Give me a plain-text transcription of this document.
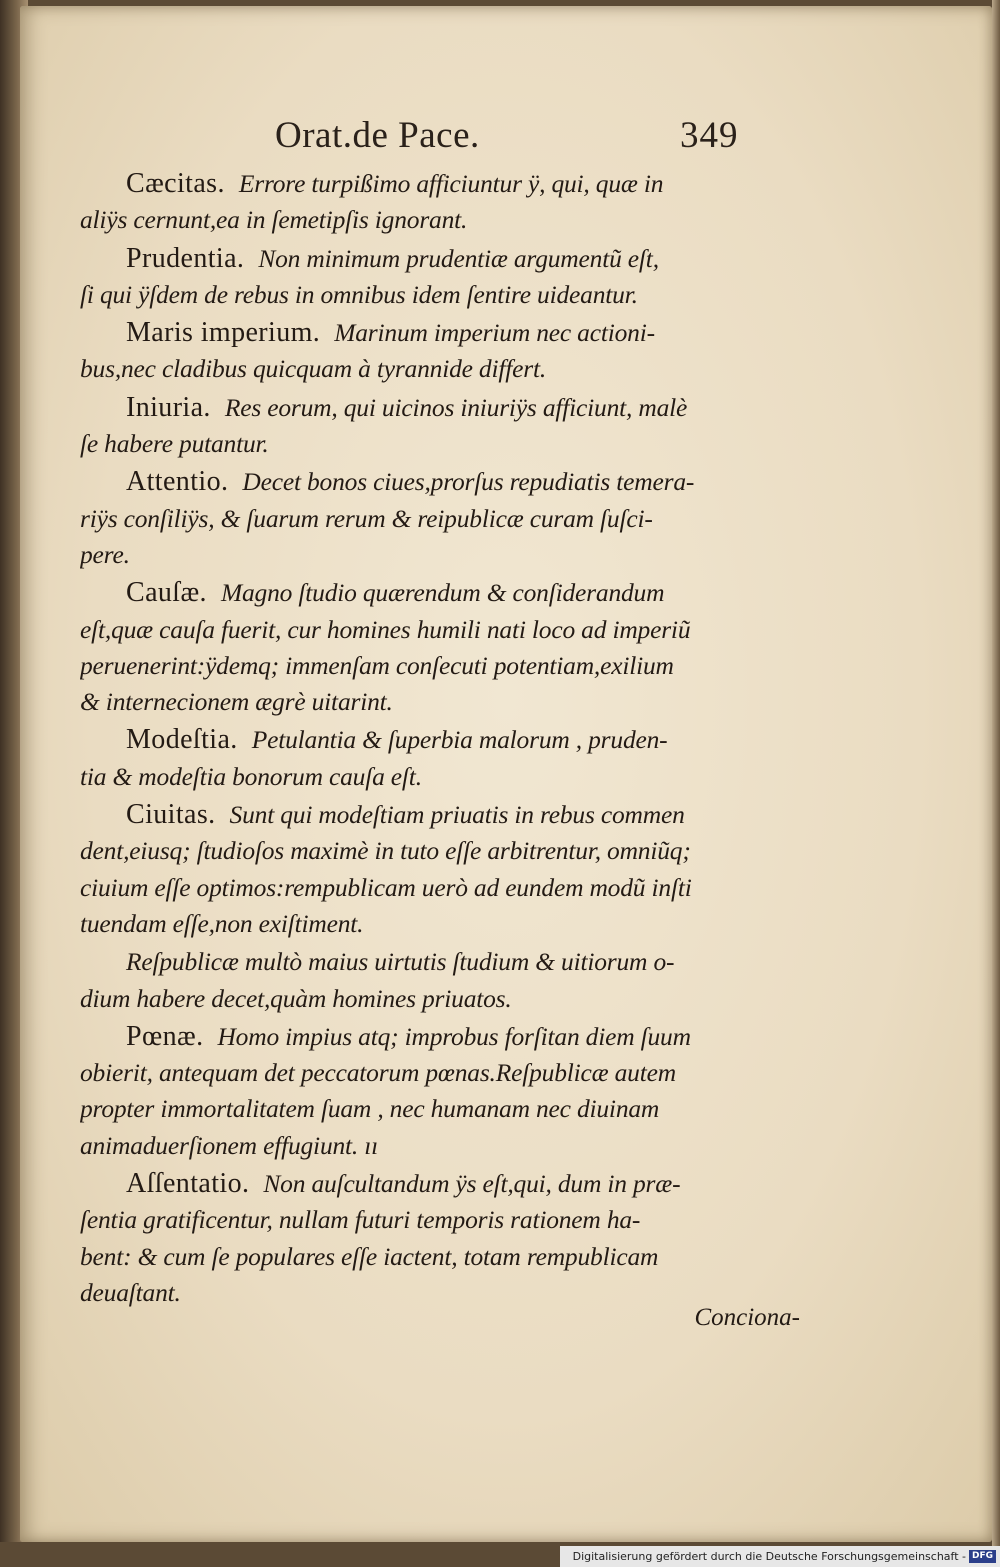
Orat.de Pace.	349
Cæcitas. Errore turpißimo afficiuntur ÿ, qui, quæ in
aliÿs cernunt,ea in ſemetipſis ignorant.
Prudentia. Non minimum prudentiæ argumentũ eſt,
ſi qui ÿſdem de rebus in omnibus idem ſentire uideantur.
Maris imperium. Marinum imperium nec actioni-
bus,nec cladibus quicquam à tyrannide differt.
Iniuria. Res eorum, qui uicinos iniuriÿs afficiunt, malè
ſe habere putantur.
Attentio. Decet bonos ciues,prorſus repudiatis temera-
riÿs conſiliÿs, & ſuarum rerum & reipublicæ curam ſuſci-
pere.
Cauſæ. Magno ſtudio quærendum & conſiderandum
eſt,quæ cauſa fuerit, cur homines humili nati loco ad imperiũ
peruenerint:ÿdemq; immenſam conſecuti potentiam,exilium
& internecionem ægrè uitarint.
Modeſtia. Petulantia & ſuperbia malorum , pruden-
tia & modeſtia bonorum cauſa eſt.
Ciuitas. Sunt qui modeſtiam priuatis in rebus commen
dent,eiusq; ſtudioſos maximè in tuto eſſe arbitrentur, omniũq;
ciuium eſſe optimos:rempublicam uerò ad eundem modũ inſti
tuendam eſſe,non exiſtiment.
Reſpublicæ multò maius uirtutis ſtudium & uitiorum o-
dium habere decet,quàm homines priuatos.
Pœnæ. Homo impius atq; improbus forſitan diem ſuum
obierit, antequam det peccatorum pœnas.Reſpublicæ autem
propter immortalitatem ſuam , nec humanam nec diuinam
animaduerſionem effugiunt. ıı
Aſſentatio. Non auſcultandum ÿs eſt,qui, dum in præ-
ſentia gratificentur, nullam futuri temporis rationem ha-
bent: & cum ſe populares eſſe iactent, totam rempublicam
deuaſtant.
Conciona-
Digitalisierung gefördert durch die Deutsche Forschungsgemeinschaft - DFG
